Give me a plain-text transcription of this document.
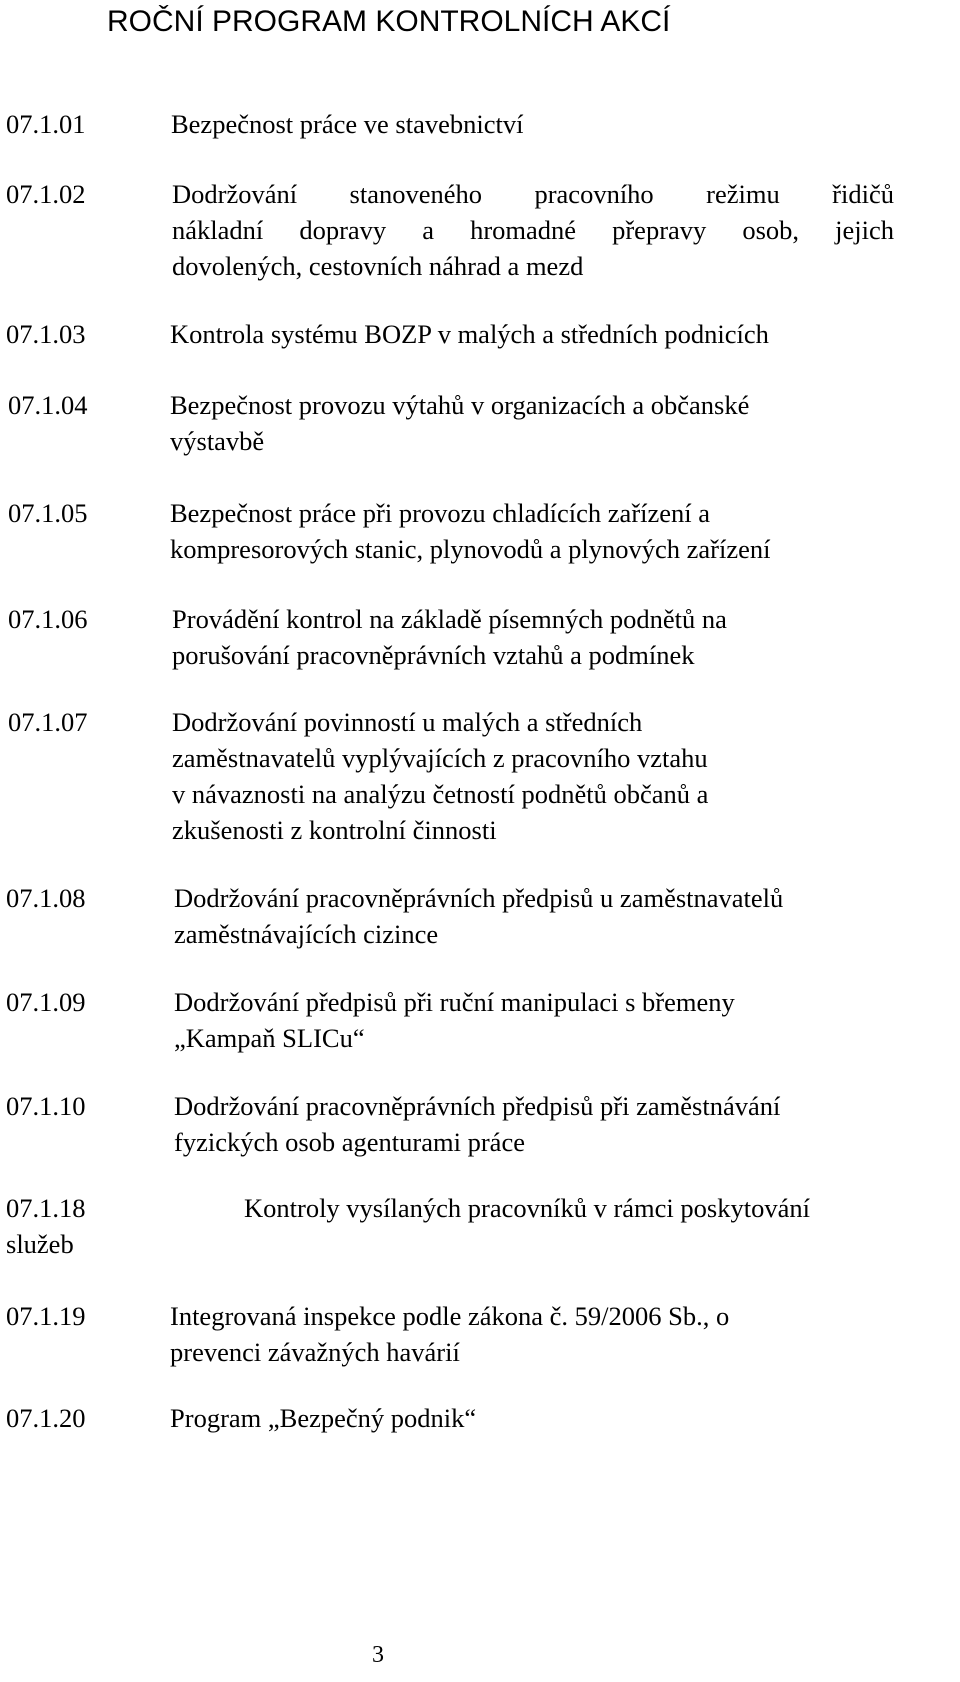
ROČNÍ PROGRAM KONTROLNÍCH AKCÍ
07.1.01	Bezpečnost práce ve stavebnictví
07.1.02	Dodržování stanoveného pracovního režimu řidičů
nákladní dopravy a hromadné přepravy osob, jejich
dovolených, cestovních náhrad a mezd
07.1.03	Kontrola systému BOZP v malých a středních podnicích
07.1.04	Bezpečnost provozu výtahů v organizacích a občanské
výstavbě
07.1.05	Bezpečnost práce při provozu chladících zařízení a
kompresorových stanic, plynovodů a plynových zařízení
07.1.06	Provádění kontrol na základě písemných podnětů na
porušování pracovněprávních vztahů a podmínek
07.1.07	Dodržování povinností u malých a středních
zaměstnavatelů vyplývajících z pracovního vztahu
v návaznosti na analýzu četností podnětů občanů a
zkušenosti z kontrolní činnosti
07.1.08	Dodržování pracovněprávních předpisů u zaměstnavatelů
zaměstnávajících cizince
07.1.09	Dodržování předpisů při ruční manipulaci s břemeny
„Kampaň SLICu“
07.1.10	Dodržování pracovněprávních předpisů při zaměstnávání
fyzických osob agenturami práce
07.1.18	Kontroly vysílaných pracovníků v rámci poskytování
služeb
07.1.19	Integrovaná inspekce podle zákona č. 59/2006 Sb., o
prevenci závažných havárií
07.1.20	Program „Bezpečný podnik“
3
